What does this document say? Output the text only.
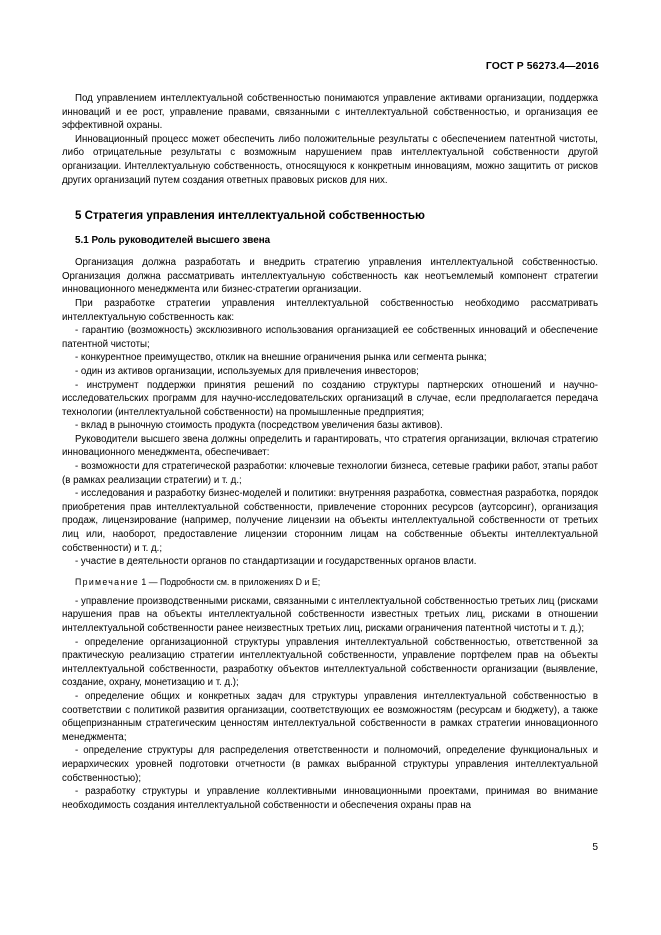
ГОСТ Р 56273.4—2016

Под управлением интеллектуальной собственностью понимаются управление активами организации, поддержка инноваций и ее рост, управление правами, связанными с интеллектуальной собственностью, и организация ее эффективной охраны.

Инновационный процесс может обеспечить либо положительные результаты с обеспечением патентной чистоты, либо отрицательные результаты с возможным нарушением прав интеллектуальной собственности другой организации. Интеллектуальную собственность, относящуюся к конкретным инновациям, можно защитить от рисков других организаций путем создания ответных правовых рисков для них.

5 Стратегия управления интеллектуальной собственностью
5.1 Роль руководителей высшего звена

Организация должна разработать и внедрить стратегию управления интеллектуальной собственностью. Организация должна рассматривать интеллектуальную собственность как неотъемлемый компонент стратегии инновационного менеджмента или бизнес-стратегии организации.

При разработке стратегии управления интеллектуальной собственностью необходимо рассматривать интеллектуальную собственность как:

- гарантию (возможность) эксклюзивного использования организацией ее собственных инноваций и обеспечение патентной чистоты;

- конкурентное преимущество, отклик на внешние ограничения рынка или сегмента рынка;

- один из активов организации, используемых для привлечения инвесторов;

- инструмент поддержки принятия решений по созданию структуры партнерских отношений и научно-исследовательских программ для научно-исследовательских организаций в случае, если предполагается передача технологии (интеллектуальной собственности) на промышленные предприятия;

- вклад в рыночную стоимость продукта (посредством увеличения базы активов).

Руководители высшего звена должны определить и гарантировать, что стратегия организации, включая стратегию инновационного менеджмента, обеспечивает:

- возможности для стратегической разработки: ключевые технологии бизнеса, сетевые графики работ, этапы работ (в рамках реализации стратегии) и т. д.;

- исследования и разработку бизнес-моделей и политики: внутренняя разработка, совместная разработка, порядок приобретения прав интеллектуальной собственности, привлечение сторонних ресурсов (аутсорсинг), организация продаж, лицензирование (например, получение лицензии на объекты интеллектуальной собственности от третьих лиц или, наоборот, предоставление лицензии сторонним лицам на собственные объекты интеллектуальной собственности) и т. д.;

- участие в деятельности органов по стандартизации и государственных органов власти.

Примечание 1 — Подробности см. в приложениях D и E;

- управление производственными рисками, связанными с интеллектуальной собственностью третьих лиц (рисками нарушения прав на объекты интеллектуальной собственности известных третьих лиц, рисками в отношении интеллектуальной собственности ранее неизвестных третьих лиц, рисками ограничения патентной чистоты и т. д.);

- определение организационной структуры управления интеллектуальной собственностью, ответственной за практическую реализацию стратегии интеллектуальной собственности, управление портфелем прав на объекты интеллектуальной собственности, разработку объектов интеллектуальной собственности организации (выявление, создание, охрану, монетизацию и т. д.);

- определение общих и конкретных задач для структуры управления интеллектуальной собственностью в соответствии с политикой развития организации, соответствующих ее возможностям (ресурсам и бюджету), а также общепризнанным стратегическим ценностям интеллектуальной собственности в рамках стратегии инновационного менеджмента;

- определение структуры для распределения ответственности и полномочий, определение функциональных и иерархических уровней подготовки отчетности (в рамках выбранной структуры управления интеллектуальной собственностью);

- разработку структуры и управление коллективными инновационными проектами, принимая во внимание необходимость создания интеллектуальной собственности и обеспечения охраны прав на

5
